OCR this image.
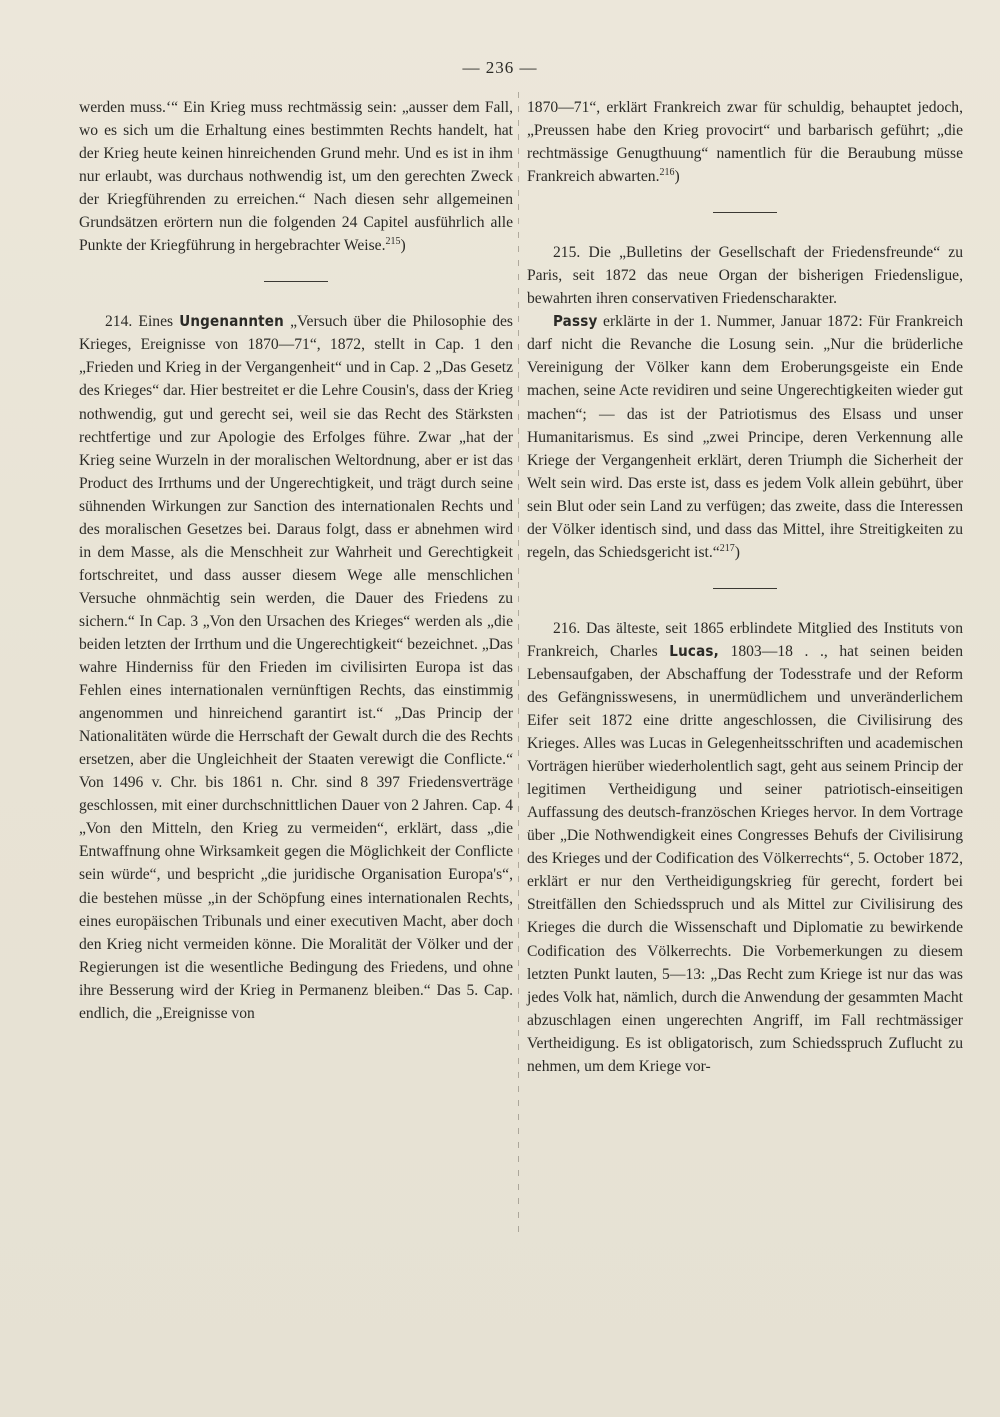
— 236 —

werden muss.‘“ Ein Krieg muss rechtmässig sein: „ausser dem Fall, wo es sich um die Erhaltung eines bestimmten Rechts handelt, hat der Krieg heute keinen hinreichenden Grund mehr. Und es ist in ihm nur erlaubt, was durchaus nothwendig ist, um den gerechten Zweck der Kriegführenden zu erreichen.“ Nach diesen sehr allgemeinen Grundsätzen erörtern nun die folgenden 24 Capitel ausführlich alle Punkte der Kriegführung in hergebrachter Weise.$^{215}$)

214. Eines Ungenannten „Versuch über die Philosophie des Krieges, Ereignisse von 1870—71“, 1872, stellt in Cap. 1 den „Frieden und Krieg in der Vergangenheit“ und in Cap. 2 „Das Gesetz des Krieges“ dar. Hier bestreitet er die Lehre Cousin's, dass der Krieg nothwendig, gut und gerecht sei, weil sie das Recht des Stärksten rechtfertige und zur Apologie des Erfolges führe. Zwar „hat der Krieg seine Wurzeln in der moralischen Weltordnung, aber er ist das Product des Irrthums und der Ungerechtigkeit, und trägt durch seine sühnenden Wirkungen zur Sanction des internationalen Rechts und des moralischen Gesetzes bei. Daraus folgt, dass er abnehmen wird in dem Masse, als die Menschheit zur Wahrheit und Gerechtigkeit fortschreitet, und dass ausser diesem Wege alle menschlichen Versuche ohnmächtig sein werden, die Dauer des Friedens zu sichern.“ In Cap. 3 „Von den Ursachen des Krieges“ werden als „die beiden letzten der Irrthum und die Ungerechtigkeit“ bezeichnet. „Das wahre Hinderniss für den Frieden im civilisirten Europa ist das Fehlen eines internationalen vernünftigen Rechts, das einstimmig angenommen und hinreichend garantirt ist.“ „Das Princip der Nationalitäten würde die Herrschaft der Gewalt durch die des Rechts ersetzen, aber die Ungleichheit der Staaten verewigt die Conflicte.“ Von 1496 v. Chr. bis 1861 n. Chr. sind 8 397 Friedensverträge geschlossen, mit einer durchschnittlichen Dauer von 2 Jahren. Cap. 4 „Von den Mitteln, den Krieg zu vermeiden“, erklärt, dass „die Entwaffnung ohne Wirksamkeit gegen die Möglichkeit der Conflicte sein würde“, und bespricht „die juridische Organisation Europa's“, die bestehen müsse „in der Schöpfung eines internationalen Rechts, eines europäischen Tribunals und einer executiven Macht, aber doch den Krieg nicht vermeiden könne. Die Moralität der Völker und der Regierungen ist die wesentliche Bedingung des Friedens, und ohne ihre Besserung wird der Krieg in Permanenz bleiben.“ Das 5. Cap. endlich, die „Ereignisse von

1870—71“, erklärt Frankreich zwar für schuldig, behauptet jedoch, „Preussen habe den Krieg provocirt“ und barbarisch geführt; „die rechtmässige Genugthuung“ namentlich für die Beraubung müsse Frankreich abwarten.$^{216}$)

215. Die „Bulletins der Gesellschaft der Friedensfreunde“ zu Paris, seit 1872 das neue Organ der bisherigen Friedensligue, bewahrten ihren conservativen Friedenscharakter.

Passy erklärte in der 1. Nummer, Januar 1872: Für Frankreich darf nicht die Revanche die Losung sein. „Nur die brüderliche Vereinigung der Völker kann dem Eroberungsgeiste ein Ende machen, seine Acte revidiren und seine Ungerechtigkeiten wieder gut machen“; — das ist der Patriotismus des Elsass und unser Humanitarismus. Es sind „zwei Principe, deren Verkennung alle Kriege der Vergangenheit erklärt, deren Triumph die Sicherheit der Welt sein wird. Das erste ist, dass es jedem Volk allein gebührt, über sein Blut oder sein Land zu verfügen; das zweite, dass die Interessen der Völker identisch sind, und dass das Mittel, ihre Streitigkeiten zu regeln, das Schiedsgericht ist.“$^{217}$)

216. Das älteste, seit 1865 erblindete Mitglied des Instituts von Frankreich, Charles Lucas, 1803—18 . ., hat seinen beiden Lebensaufgaben, der Abschaffung der Todesstrafe und der Reform des Gefängnisswesens, in unermüdlichem und unveränderlichem Eifer seit 1872 eine dritte angeschlossen, die Civilisirung des Krieges. Alles was Lucas in Gelegenheitsschriften und academischen Vorträgen hierüber wiederholentlich sagt, geht aus seinem Princip der legitimen Vertheidigung und seiner patriotisch-einseitigen Auffassung des deutsch-französchen Krieges hervor. In dem Vortrage über „Die Nothwendigkeit eines Congresses Behufs der Civilisirung des Krieges und der Codification des Völkerrechts“, 5. October 1872, erklärt er nur den Vertheidigungskrieg für gerecht, fordert bei Streitfällen den Schiedsspruch und als Mittel zur Civilisirung des Krieges die durch die Wissenschaft und Diplomatie zu bewirkende Codification des Völkerrechts. Die Vorbemerkungen zu diesem letzten Punkt lauten, 5—13: „Das Recht zum Kriege ist nur das was jedes Volk hat, nämlich, durch die Anwendung der gesammten Macht abzuschlagen einen ungerechten Angriff, im Fall rechtmässiger Vertheidigung. Es ist obligatorisch, zum Schiedsspruch Zuflucht zu nehmen, um dem Kriege vor-
